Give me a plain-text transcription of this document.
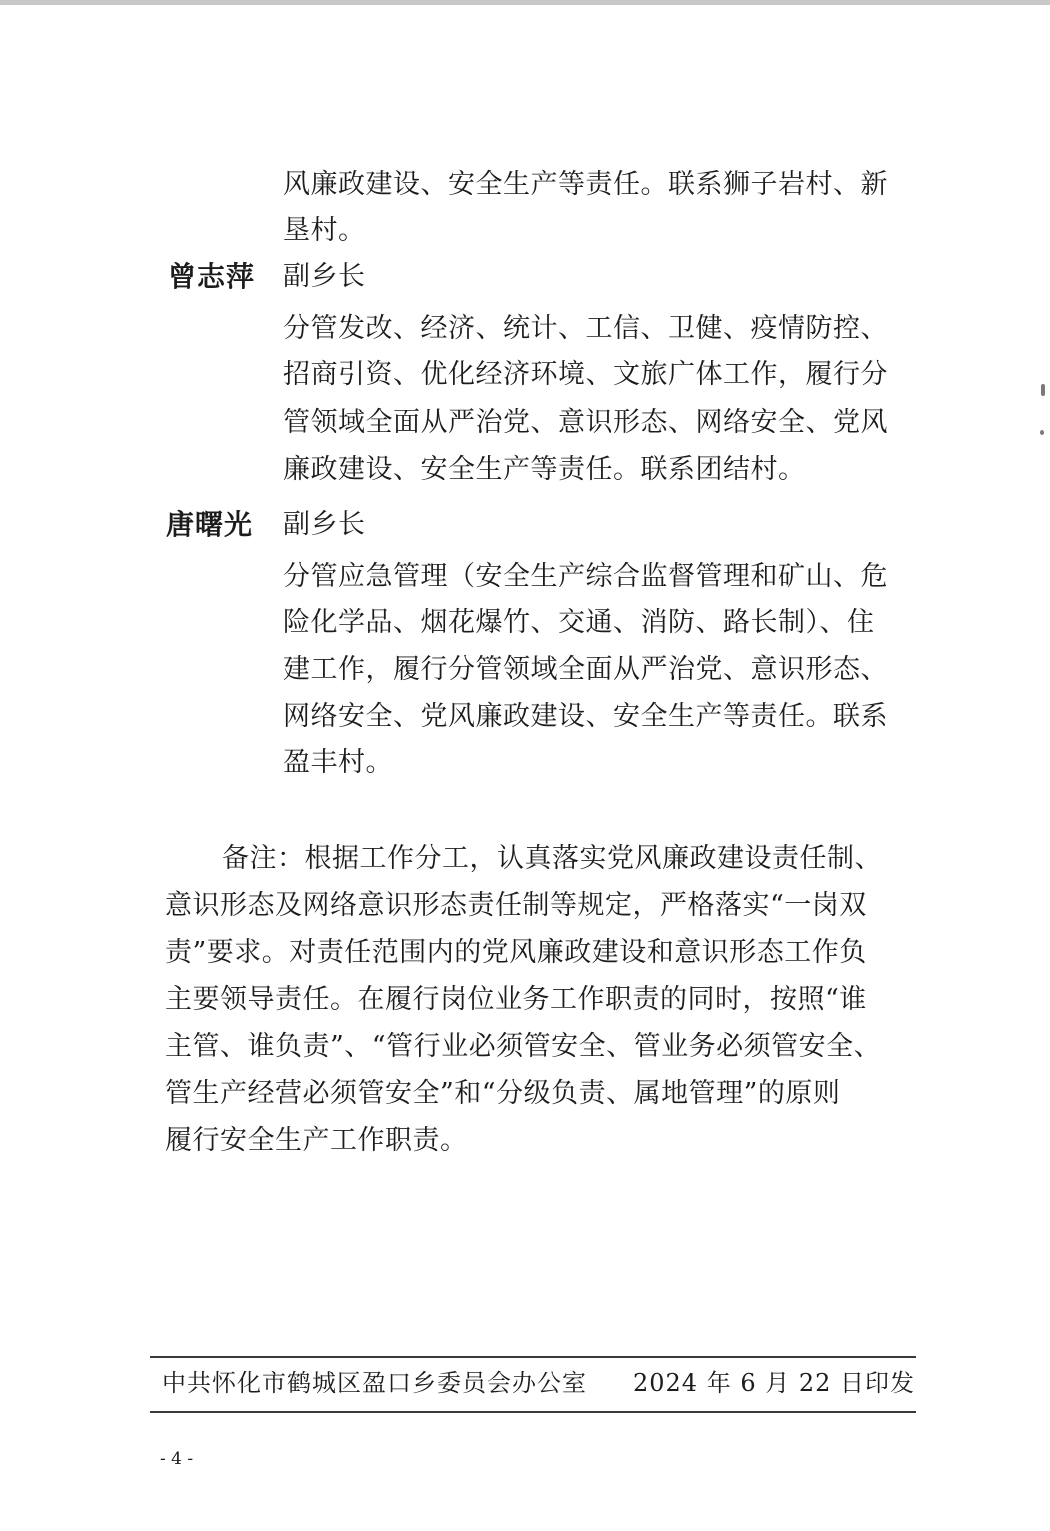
风廉政建设、安全生产等责任。联系狮子岩村、新
垦村。
曾志萍 副乡长
分管发改、经济、统计、工信、卫健、疫情防控、
招商引资、优化经济环境、文旅广体工作，履行分
管领域全面从严治党、意识形态、网络安全、党风
廉政建设、安全生产等责任。联系团结村。
唐曙光 副乡长
分管应急管理（安全生产综合监督管理和矿山、危
险化学品、烟花爆竹、交通、消防、路长制）、住
建工作，履行分管领域全面从严治党、意识形态、
网络安全、党风廉政建设、安全生产等责任。联系
盈丰村。
备注：根据工作分工，认真落实党风廉政建设责任制、
意识形态及网络意识形态责任制等规定，严格落实“一岗双
责”要求。对责任范围内的党风廉政建设和意识形态工作负
主要领导责任。在履行岗位业务工作职责的同时，按照“谁
主管、谁负责”、“管行业必须管安全、管业务必须管安全、
管生产经营必须管安全”和“分级负责、属地管理”的原则
履行安全生产工作职责。
中共怀化市鹤城区盈口乡委员会办公室 2024 年 6 月 22 日印发
- 4 -
